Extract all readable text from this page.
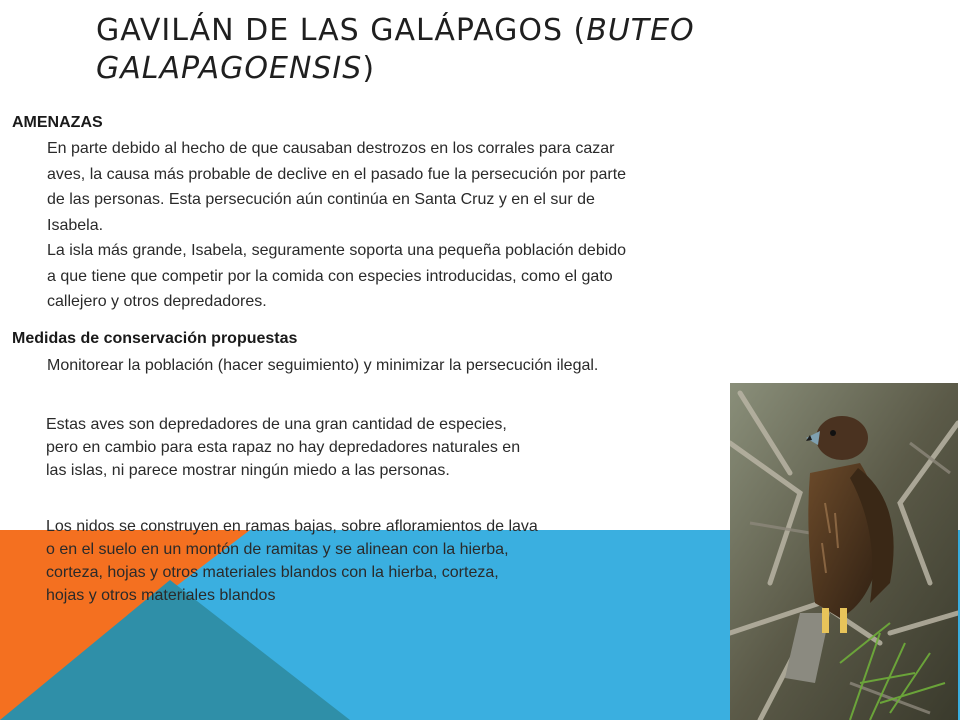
GAVILÁN DE LAS GALÁPAGOS (BUTEO GALAPAGOENSIS)
AMENAZAS
En parte debido al hecho de que causaban destrozos en los corrales para cazar
aves, la causa más probable de declive en el pasado fue la persecución por parte
de las personas. Esta persecución aún continúa en Santa Cruz y en el sur de
Isabela.
La isla más grande, Isabela, seguramente soporta una pequeña población debido
a que tiene que competir por la comida con especies introducidas, como el gato
callejero y otros depredadores.
Medidas de conservación propuestas
Monitorear la población (hacer seguimiento) y minimizar la persecución ilegal.
Estas aves son depredadores de una gran cantidad de especies,
pero en cambio para esta rapaz no hay depredadores naturales en
las islas, ni parece mostrar ningún miedo a las personas.
Los nidos se construyen en ramas bajas, sobre afloramientos de lava
o en el suelo en un montón de ramitas y se alinean con la hierba,
corteza, hojas y otros materiales blandos con la hierba, corteza,
hojas y otros materiales blandos
